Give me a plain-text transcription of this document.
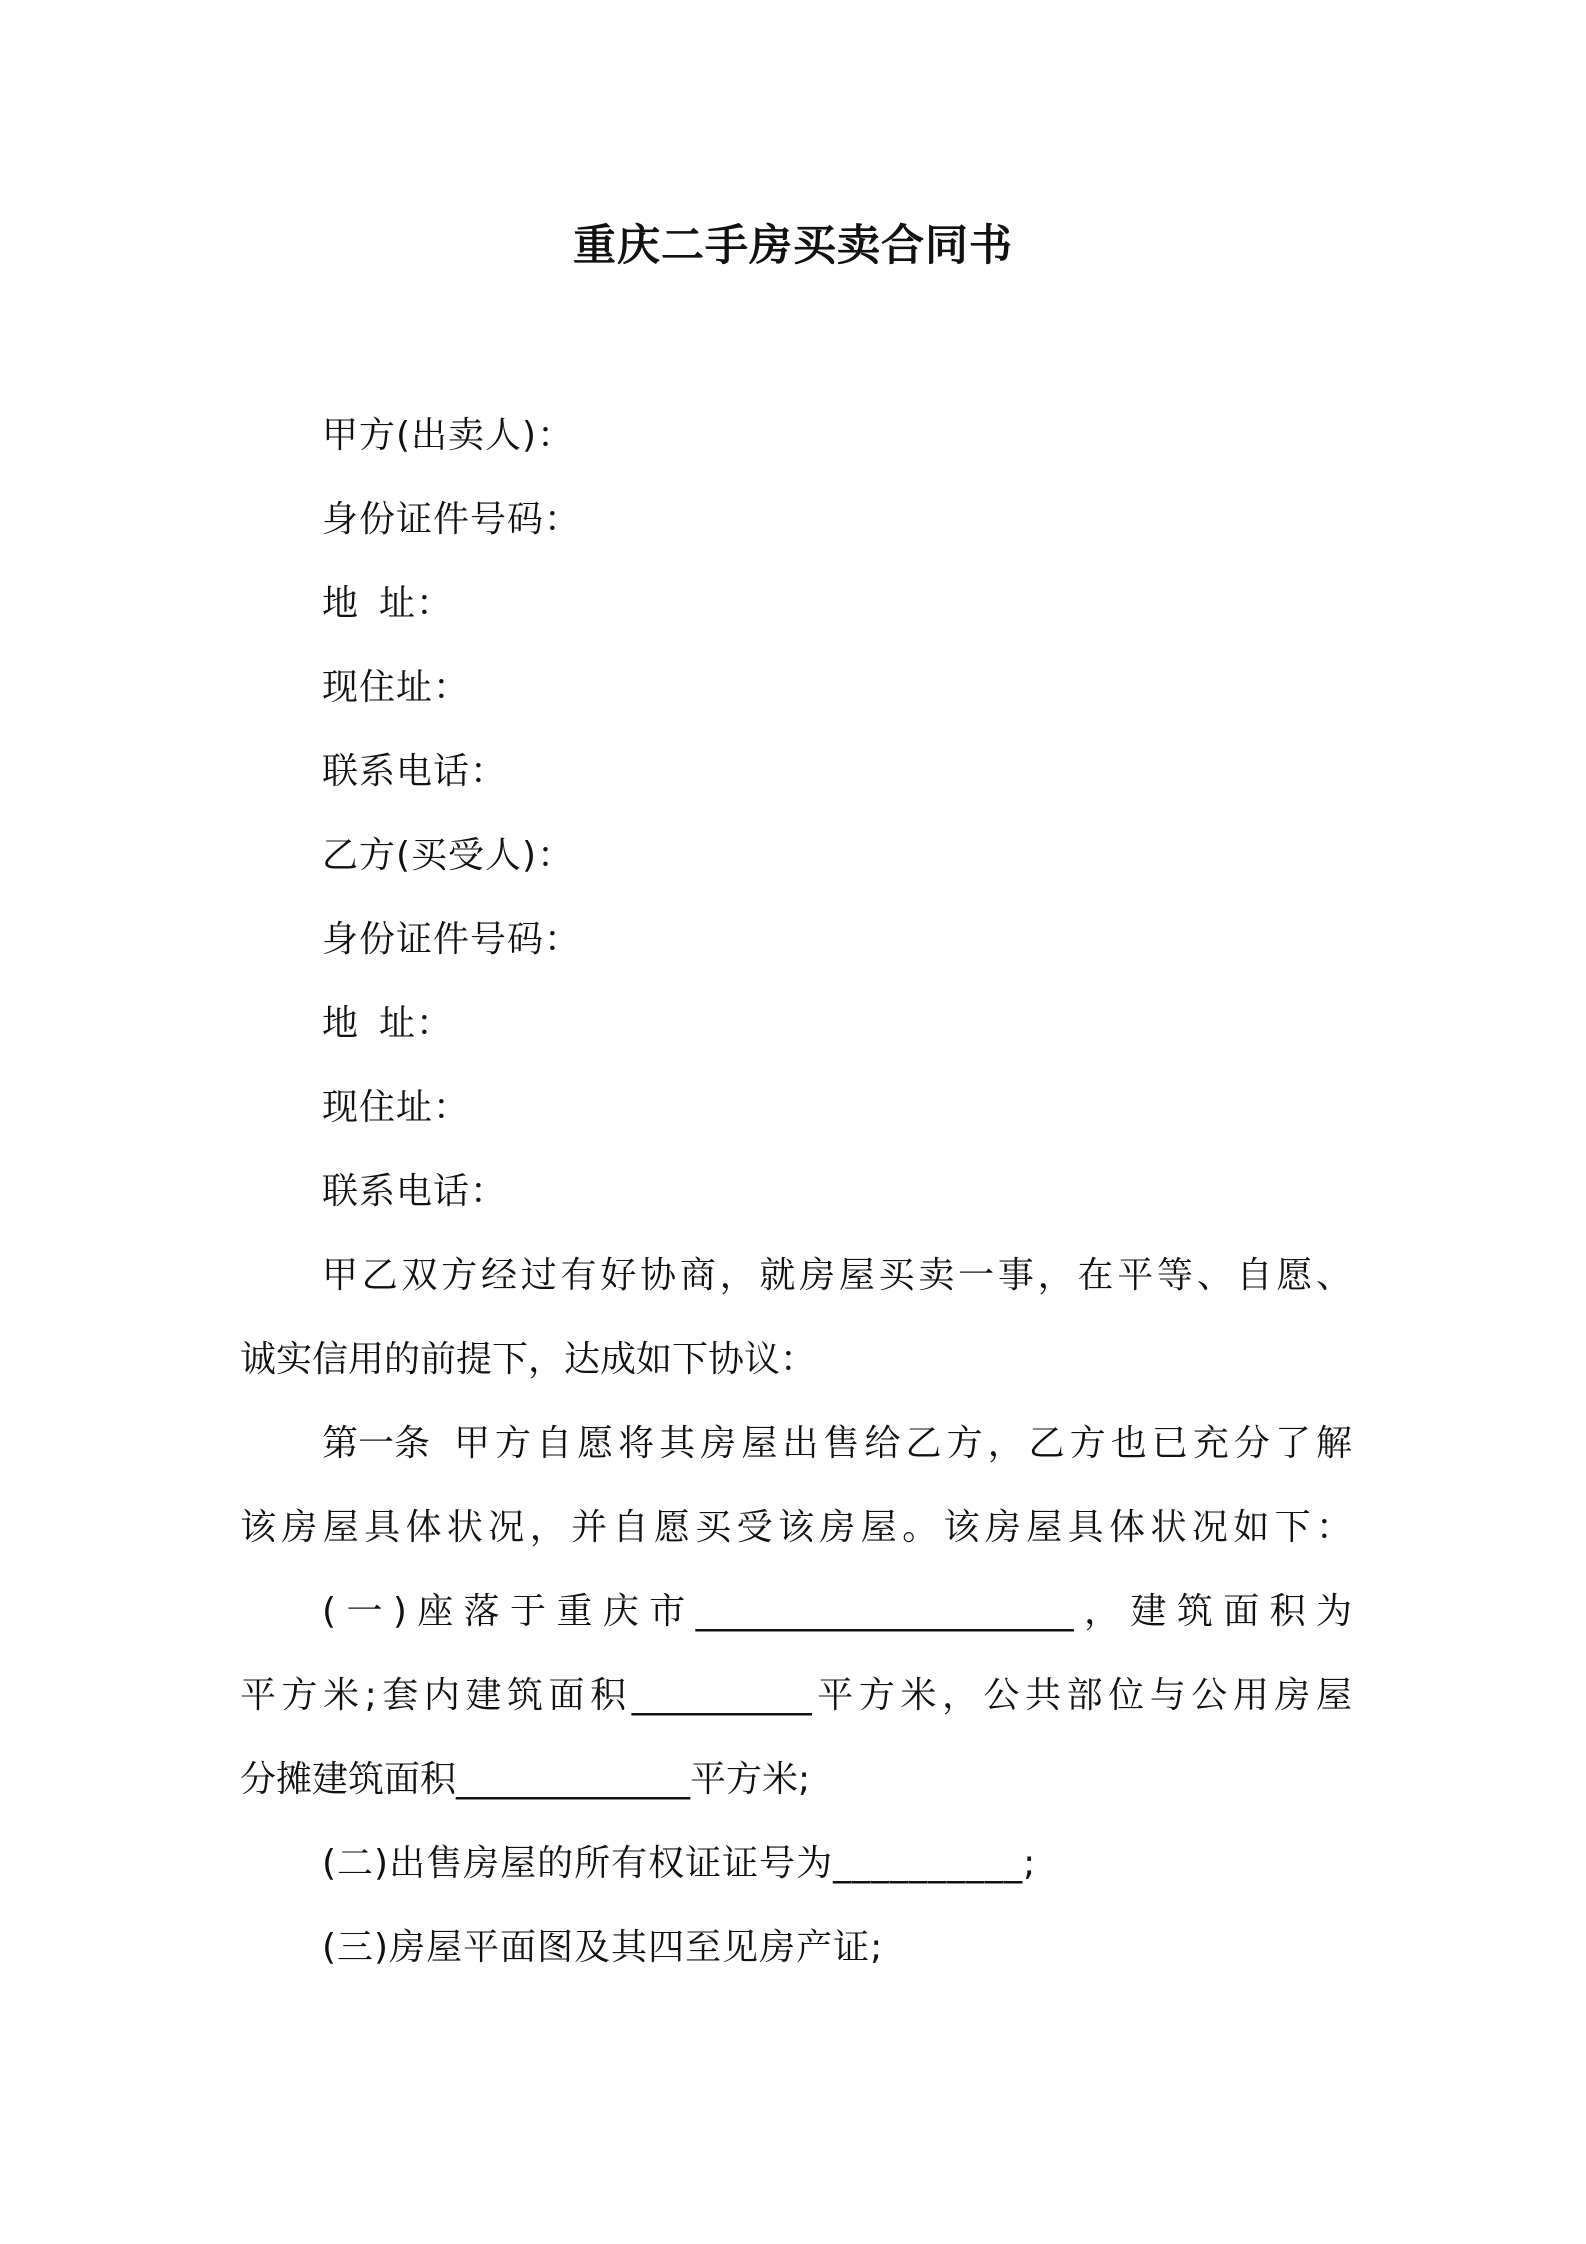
重庆二手房买卖合同书
甲方(出卖人)：
身份证件号码：
地 址：
现住址：
联系电话：
乙方(买受人)：
身份证件号码：
地 址：
现住址：
联系电话：
甲乙双方经过有好协商，就房屋买卖一事，在平等、自愿、
诚实信用的前提下，达成如下协议：
第一条 甲方自愿将其房屋出售给乙方，乙方也已充分了解
该房屋具体状况，并自愿买受该房屋。该房屋具体状况如下：
(一)座落于重庆市_____________________，建筑面积为
平方米;套内建筑面积__________平方米，公共部位与公用房屋
分摊建筑面积_____________平方米;
(二)出售房屋的所有权证证号为__________;
(三)房屋平面图及其四至见房产证;
